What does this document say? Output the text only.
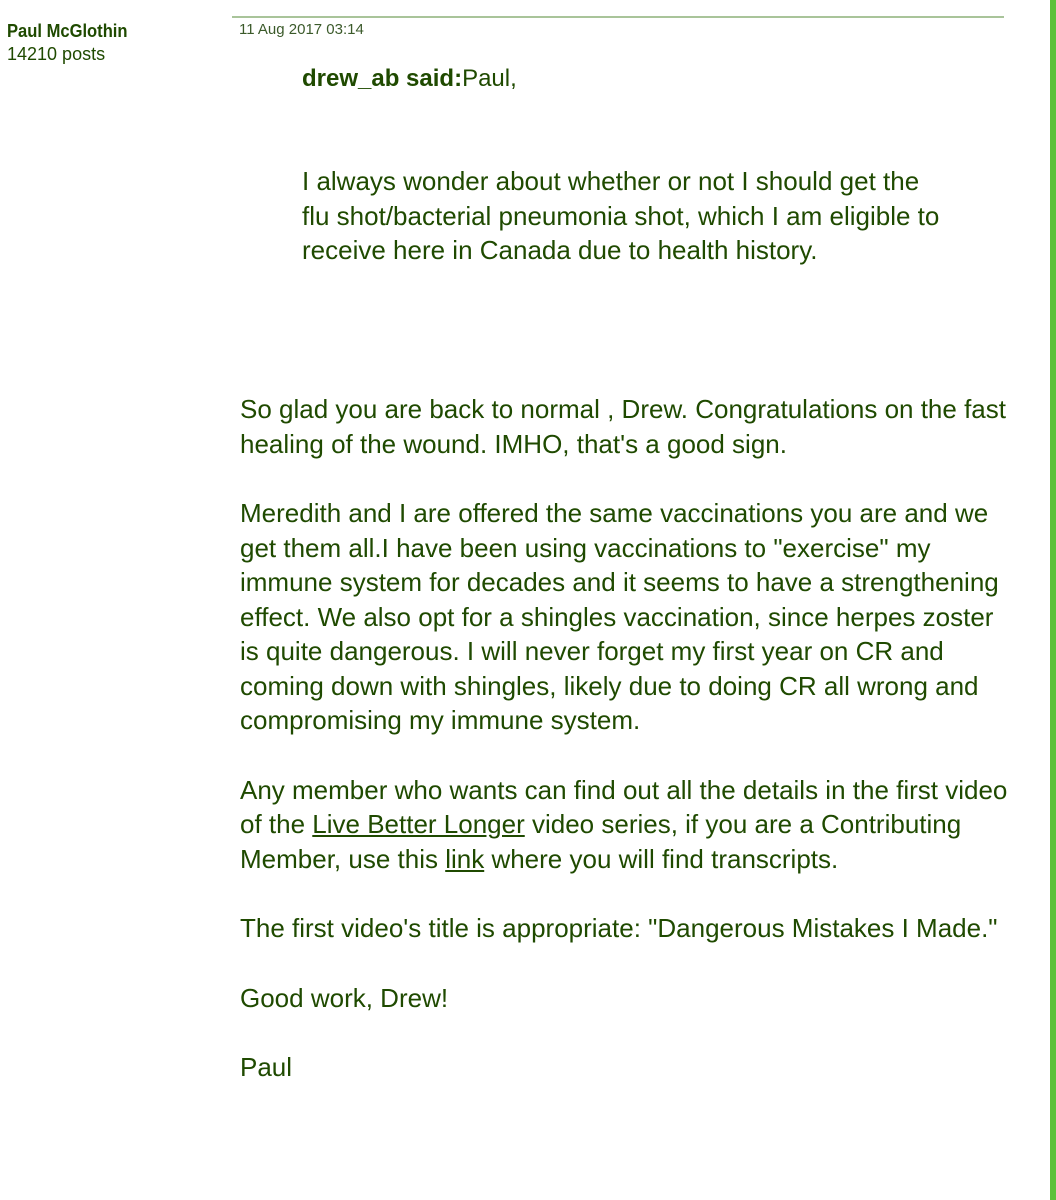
Paul McGlothin
14210 posts
11 Aug 2017 03:14

drew_ab said:Paul,

I always wonder about whether or not I should get the flu shot/bacterial pneumonia shot, which I am eligible to receive here in Canada due to health history.

So glad you are back to normal , Drew. Congratulations on the fast healing of the wound. IMHO, that's a good sign.

Meredith and I are offered the same vaccinations you are and we get them all.I have been using vaccinations to "exercise" my immune system for decades and it seems to have a strengthening effect. We also opt for a shingles vaccination, since herpes zoster is quite dangerous. I will never forget my first year on CR and coming down with shingles, likely due to doing CR all wrong and compromising my immune system.

Any member who wants can find out all the details in the first video of the Live Better Longer video series, if you are a Contributing Member, use this link where you will find transcripts.

The first video's title is appropriate: "Dangerous Mistakes I Made."

Good work, Drew!

Paul
